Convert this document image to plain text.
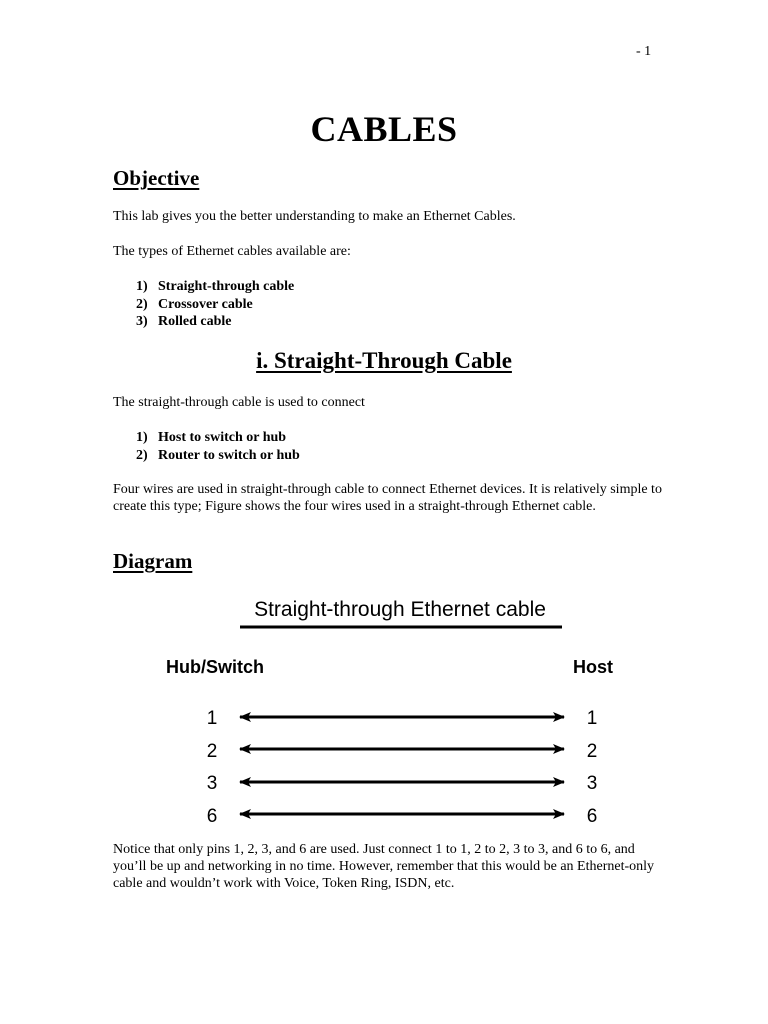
- 1
CABLES
Objective

This lab gives you the better understanding to make an Ethernet Cables.

The types of Ethernet cables available are:

1) Straight-through cable
2) Crossover cable
3) Rolled cable
i. Straight-Through Cable

The straight-through cable is used to connect

1) Host to switch or hub
2) Router to switch or hub

Four wires are used in straight-through cable to connect Ethernet devices. It is relatively simple to create this type; Figure shows the four wires used in a straight-through Ethernet cable.

Diagram
Straight-through Ethernet cable
Hub/Switch	Host
1	1
2	2
3	3
6	6

Notice that only pins 1, 2, 3, and 6 are used. Just connect 1 to 1, 2 to 2, 3 to 3, and 6 to 6, and you’ll be up and networking in no time. However, remember that this would be an Ethernet-only cable and wouldn’t work with Voice, Token Ring, ISDN, etc.
